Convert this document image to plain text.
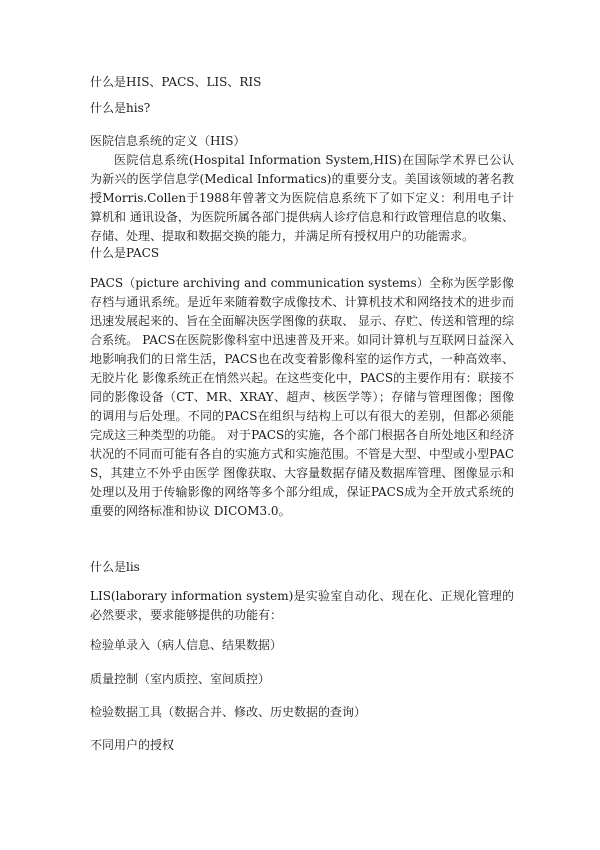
什么是HIS、PACS、LIS、RIS

什么是his?

医院信息系统的定义（HIS）

医院信息系统(Hospital Information System,HIS)在国际学术界已公认为新兴的医学信息学(Medical Informatics)的重要分支。美国该领域的著名教授Morris.Collen于1988年曾著文为医院信息系统下了如下定义：利用电子计算机和 通讯设备，为医院所属各部门提供病人诊疗信息和行政管理信息的收集、存储、处理、提取和数据交换的能力，并满足所有授权用户的功能需求。

什么是PACS

PACS（picture archiving and communication systems）全称为医学影像存档与通讯系统。是近年来随着数字成像技术、计算机技术和网络技术的进步而迅速发展起来的、旨在全面解决医学图像的获取、 显示、存贮、传送和管理的综合系统。 PACS在医院影像科室中迅速普及开来。如同计算机与互联网日益深入地影响我们的日常生活，PACS也在改变着影像科室的运作方式，一种高效率、无胶片化 影像系统正在悄然兴起。在这些变化中，PACS的主要作用有：联接不同的影像设备（CT、MR、XRAY、超声、核医学等）；存储与管理图像；图像的调用与后处理。不同的PACS在组织与结构上可以有很大的差别，但都必须能完成这三种类型的功能。 对于PACS的实施，各个部门根据各自所处地区和经济状况的不同而可能有各自的实施方式和实施范围。不管是大型、中型或小型PACS，其建立不外乎由医学 图像获取、大容量数据存储及数据库管理、图像显示和处理以及用于传输影像的网络等多个部分组成，保证PACS成为全开放式系统的重要的网络标准和协议 DICOM3.0。

什么是lis

LIS(laborary information system)是实验室自动化、现在化、正规化管理的必然要求，要求能够提供的功能有：

检验单录入（病人信息、结果数据）

质量控制（室内质控、室间质控）

检验数据工具（数据合并、修改、历史数据的查询）

不同用户的授权
